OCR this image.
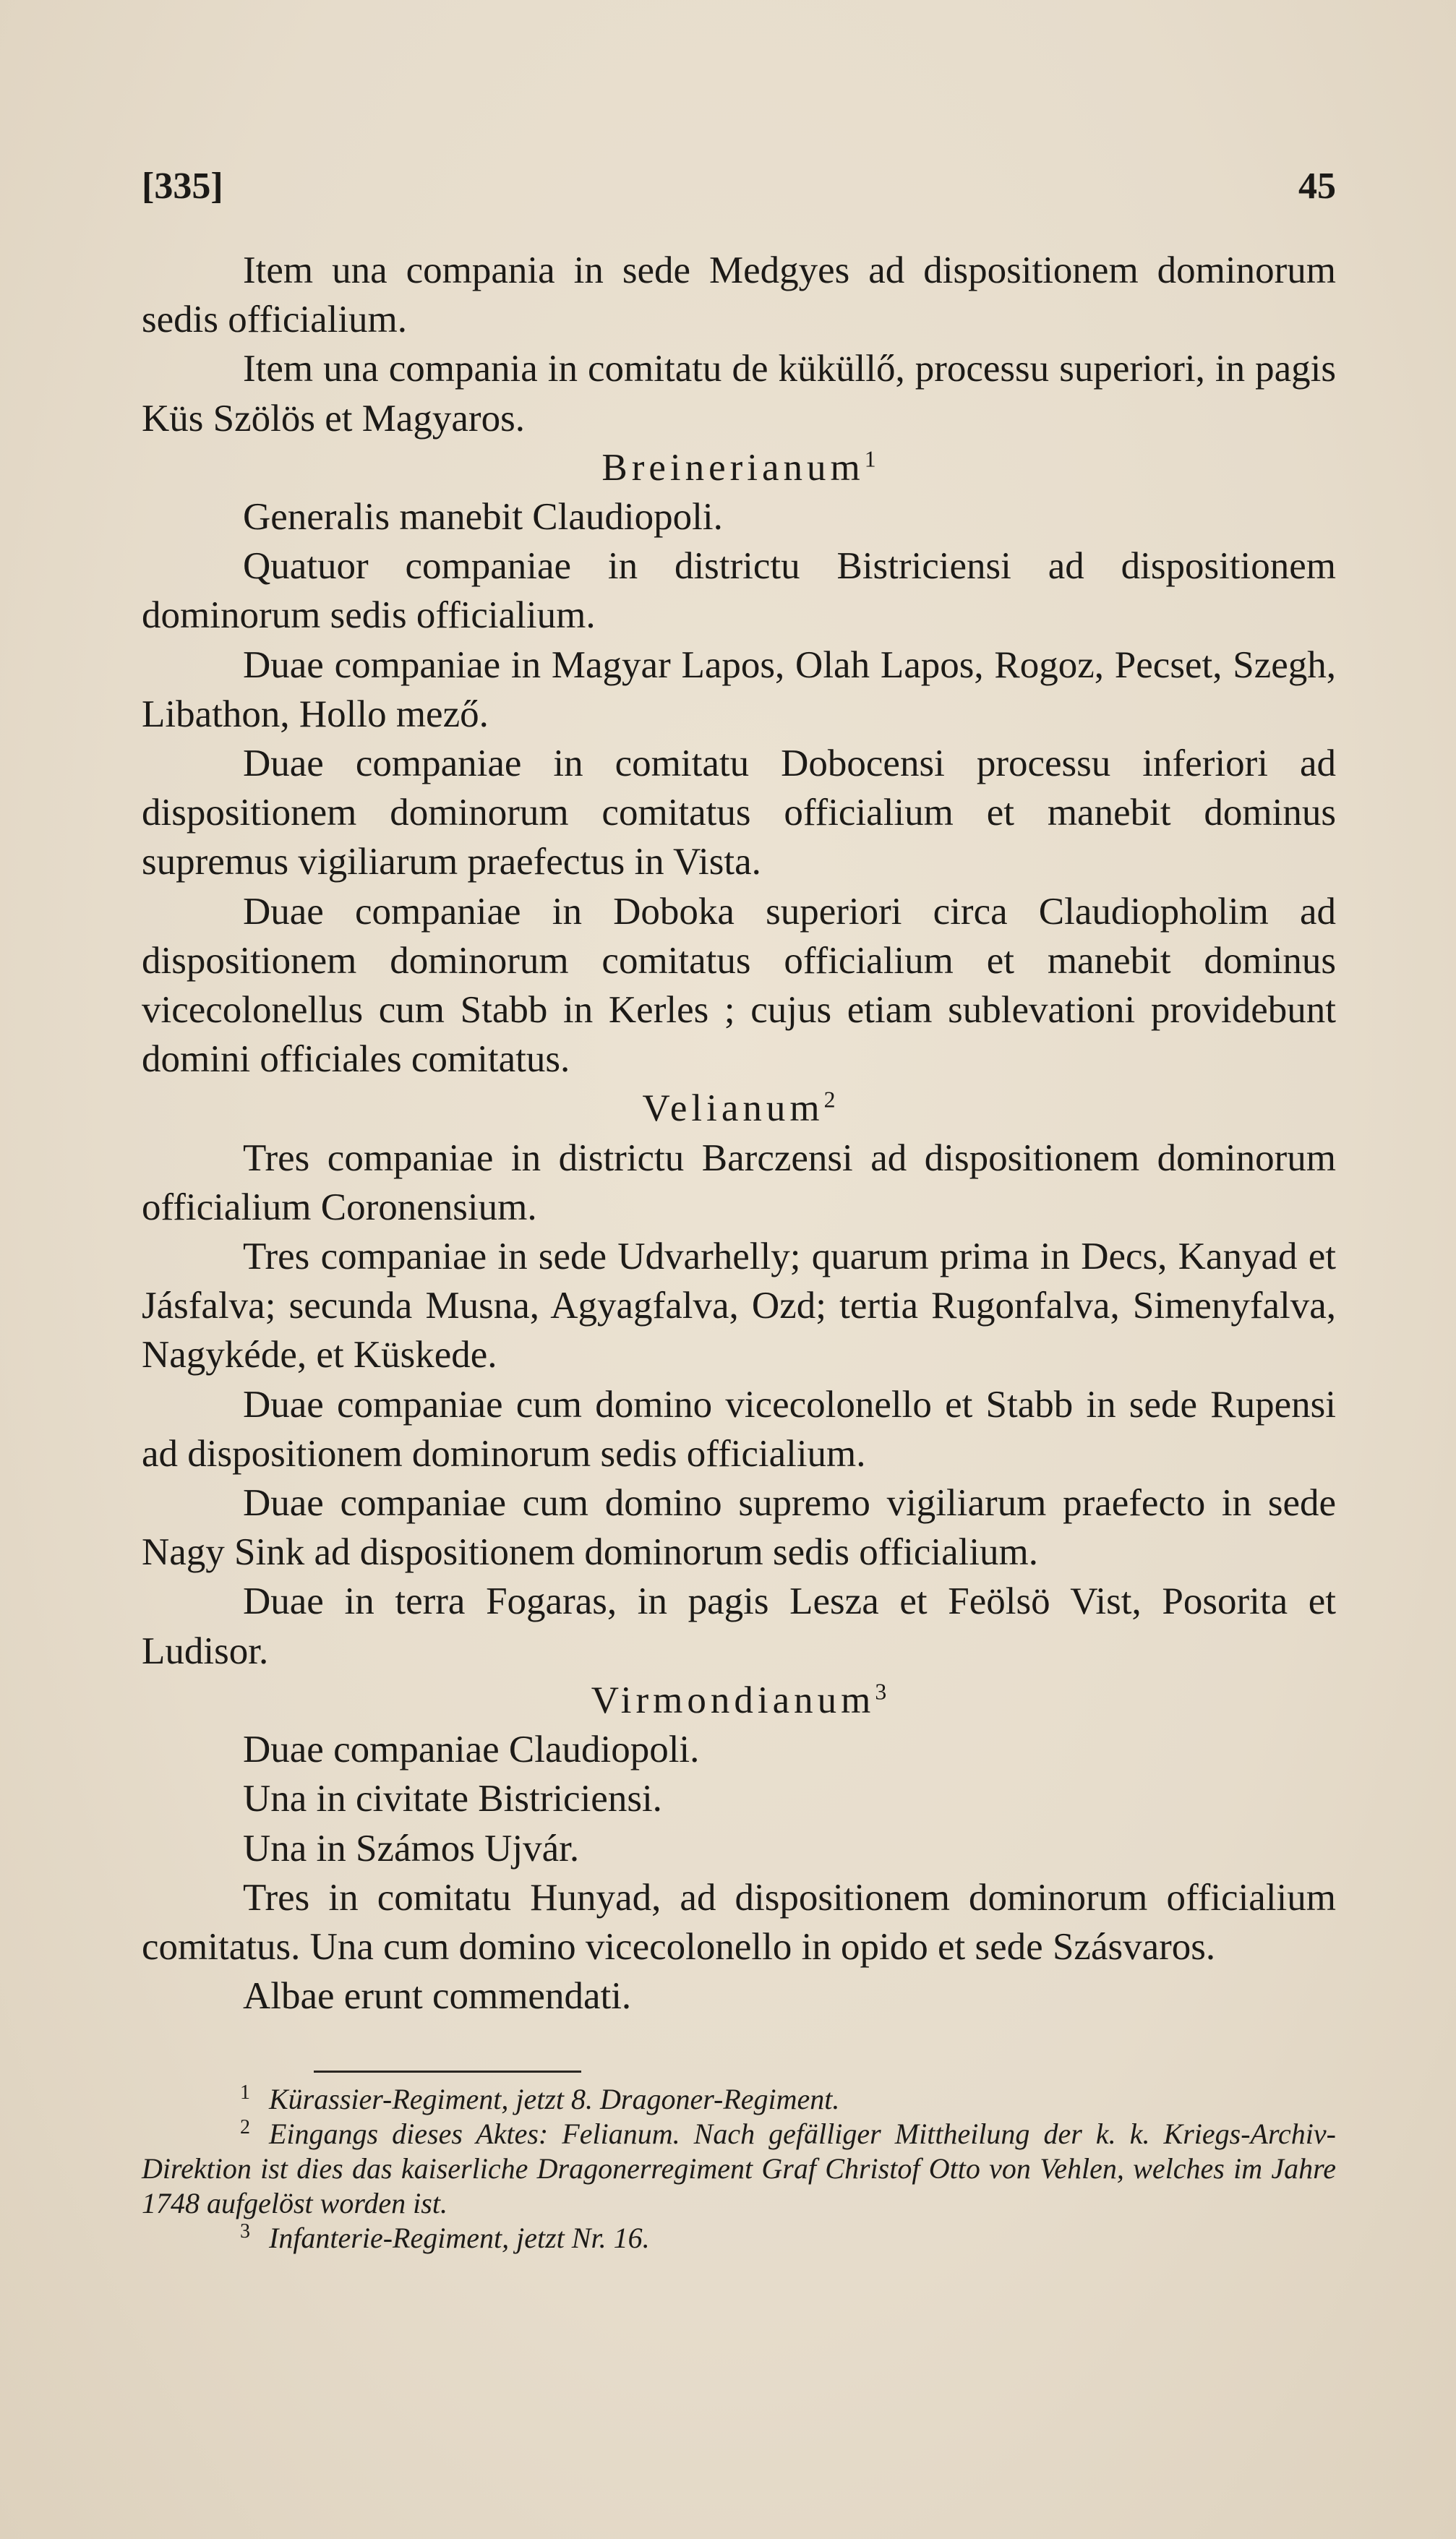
[335]	45

Item una compania in sede Medgyes ad dispositionem dominorum sedis officialium.

Item una compania in comitatu de küküllő, processu superiori, in pagis Küs Szölös et Magyaros.

Breinerianum$^1$

Generalis manebit Claudiopoli.

Quatuor companiae in districtu Bistriciensi ad dispositionem dominorum sedis officialium.

Duae companiae in Magyar Lapos, Olah Lapos, Rogoz, Pecset, Szegh, Libathon, Hollo mező.

Duae companiae in comitatu Dobocensi processu inferiori ad dispositionem dominorum comitatus officialium et manebit dominus supremus vigiliarum praefectus in Vista.

Duae companiae in Doboka superiori circa Claudiopholim ad dispositionem dominorum comitatus officialium et manebit dominus vicecolonellus cum Stabb in Kerles ; cujus etiam sublevationi providebunt domini officiales comitatus.

Velianum$^2$

Tres companiae in districtu Barczensi ad dispositionem dominorum officialium Coronensium.

Tres companiae in sede Udvarhelly; quarum prima in Decs, Kanyad et Jásfalva; secunda Musna, Agyagfalva, Ozd; tertia Rugonfalva, Simenyfalva, Nagykéde, et Küskede.

Duae companiae cum domino vicecolonello et Stabb in sede Rupensi ad dispositionem dominorum sedis officialium.

Duae companiae cum domino supremo vigiliarum praefecto in sede Nagy Sink ad dispositionem dominorum sedis officialium.

Duae in terra Fogaras, in pagis Lesza et Feölsö Vist, Posorita et Ludisor.

Virmondianum$^3$

Duae companiae Claudiopoli.

Una in civitate Bistriciensi.

Una in Számos Ujvár.

Tres in comitatu Hunyad, ad dispositionem dominorum officialium comitatus. Una cum domino vicecolonello in opido et sede Szásvaros.

Albae erunt commendati.

$^1$ Kürassier-Regiment, jetzt 8. Dragoner-Regiment.

$^2$ Eingangs dieses Aktes: Felianum. Nach gefälliger Mittheilung der k. k. Kriegs-Archiv-Direktion ist dies das kaiserliche Dragonerregiment Graf Christof Otto von Vehlen, welches im Jahre 1748 aufgelöst worden ist.

$^3$ Infanterie-Regiment, jetzt Nr. 16.
